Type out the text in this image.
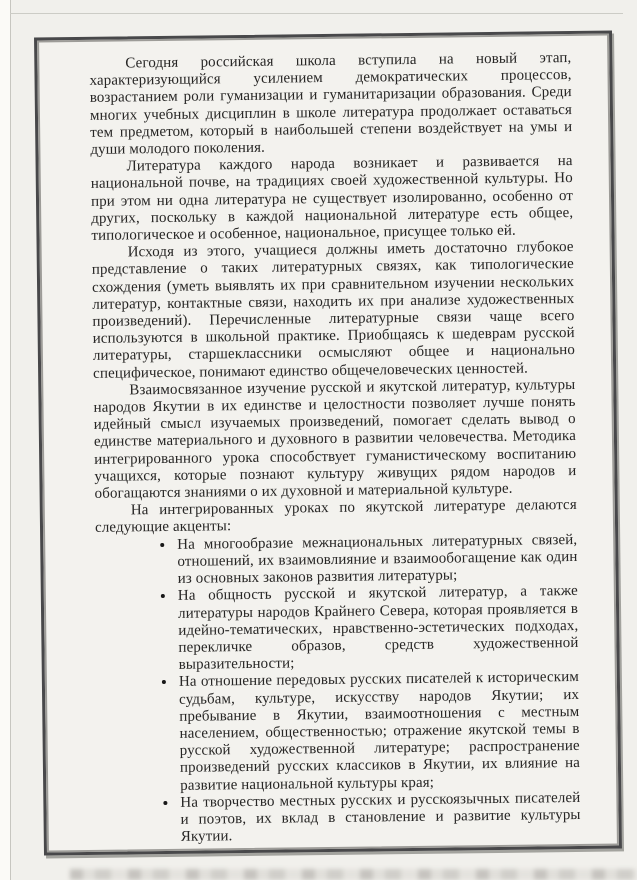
Сегодня российская школа вступила на новый этап, характеризующийся усилением демократических процессов, возрастанием роли гуманизации и гуманитаризации образования. Среди многих учебных дисциплин в школе литература продолжает оставаться тем предметом, который в наибольшей степени воздействует на умы и души молодого поколения.

Литература каждого народа возникает и развивается на национальной почве, на традициях своей художественной культуры. Но при этом ни одна литература не существует изолированно, особенно от других, поскольку в каждой национальной литературе есть общее, типологическое и особенное, национальное, присущее только ей.

Исходя из этого, учащиеся должны иметь достаточно глубокое представление о таких литературных связях, как типологические схождения (уметь выявлять их при сравнительном изучении нескольких литератур, контактные связи, находить их при анализе художественных произведений). Перечисленные литературные связи чаще всего используются в школьной практике. Приобщаясь к шедеврам русской литературы, старшеклассники осмысляют общее и национально специфическое, понимают единство общечеловеческих ценностей.

Взаимосвязанное изучение русской и якутской литератур, культуры народов Якутии в их единстве и целостности позволяет лучше понять идейный смысл изучаемых произведений, помогает сделать вывод о единстве материального и духовного в развитии человечества. Методика интегрированного урока способствует гуманистическому воспитанию учащихся, которые познают культуру живущих рядом народов и обогащаются знаниями о их духовной и материальной культуре.

На интегрированных уроках по якутской литературе делаются следующие акценты:

• На многообразие межнациональных литературных связей, отношений, их взаимовлияние и взаимообогащение как один из основных законов развития литературы;
• На общность русской и якутской литератур, а также литературы народов Крайнего Севера, которая проявляется в идейно-тематических, нравственно-эстетических подходах, перекличке образов, средств художественной выразительности;
• На отношение передовых русских писателей к историческим судьбам, культуре, искусству народов Якутии; их пребывание в Якутии, взаимоотношения с местным населением, общественностью; отражение якутской темы в русской художественной литературе; распространение произведений русских классиков в Якутии, их влияние на развитие национальной культуры края;
• На творчество местных русских и русскоязычных писателей и поэтов, их вклад в становление и развитие культуры Якутии.
